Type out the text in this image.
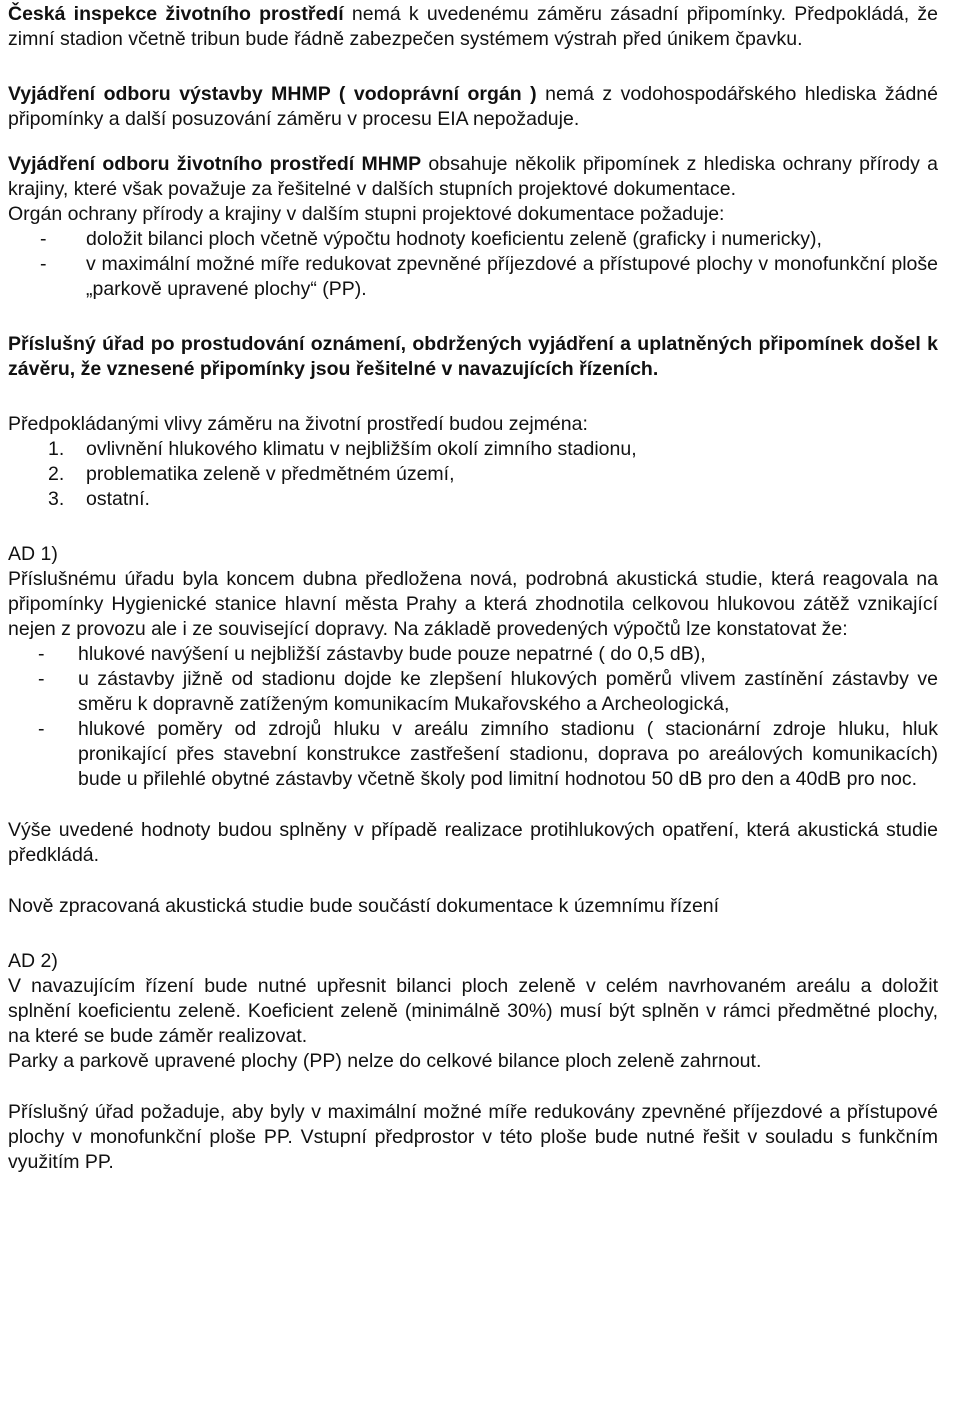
Česká inspekce životního prostředí nemá k uvedenému záměru zásadní připomínky. Předpokládá, že zimní stadion včetně tribun bude řádně zabezpečen systémem výstrah před únikem čpavku.

Vyjádření odboru výstavby MHMP ( vodoprávní orgán ) nemá z vodohospodářského hlediska žádné připomínky a další posuzování záměru v procesu EIA nepožaduje.

Vyjádření odboru životního prostředí MHMP obsahuje několik připomínek z hlediska ochrany přírody a krajiny, které však považuje za řešitelné v dalších stupních projektové dokumentace.

Orgán ochrany přírody a krajiny v dalším stupni projektové dokumentace požaduje:

- doložit bilanci ploch včetně výpočtu hodnoty koeficientu zeleně (graficky i numericky),
- v maximální možné míře redukovat zpevněné příjezdové a přístupové plochy v monofunkční ploše „parkově upravené plochy“ (PP).

Příslušný úřad po prostudování oznámení, obdržených vyjádření a uplatněných připomínek došel k závěru, že vznesené připomínky jsou řešitelné v navazujících řízeních.

Předpokládanými vlivy záměru na životní prostředí budou zejména:

1. ovlivnění hlukového klimatu v nejbližším okolí zimního stadionu,
2. problematika zeleně v předmětném území,
3. ostatní.

AD 1)

Příslušnému úřadu byla koncem dubna předložena nová, podrobná akustická studie, která reagovala na připomínky Hygienické stanice hlavní města Prahy a která zhodnotila celkovou hlukovou zátěž vznikající nejen z provozu ale i ze související dopravy. Na základě provedených výpočtů lze konstatovat že:

- hlukové navýšení u nejbližší zástavby bude pouze nepatrné ( do 0,5 dB),
- u zástavby jižně od stadionu dojde ke zlepšení hlukových poměrů vlivem zastínění zástavby ve směru k dopravně zatíženým komunikacím Mukařovského a Archeologická,
- hlukové poměry od zdrojů hluku v areálu zimního stadionu ( stacionární zdroje hluku, hluk pronikající přes stavební konstrukce zastřešení stadionu, doprava po areálových komunikacích) bude u přilehlé obytné zástavby včetně školy pod limitní hodnotou 50 dB pro den a 40dB pro noc.

Výše uvedené hodnoty budou splněny v případě realizace protihlukových opatření, která akustická studie předkládá.

Nově zpracovaná akustická studie bude součástí dokumentace k územnímu řízení

AD 2)

V navazujícím řízení bude nutné upřesnit bilanci ploch zeleně v celém navrhovaném areálu a doložit splnění koeficientu zeleně. Koeficient zeleně (minimálně 30%) musí být splněn v rámci předmětné plochy, na které se bude záměr realizovat.

Parky a parkově upravené plochy (PP) nelze do celkové bilance ploch zeleně zahrnout.

Příslušný úřad požaduje, aby byly v maximální možné míře redukovány zpevněné příjezdové a přístupové plochy v monofunkční ploše PP. Vstupní předprostor v této ploše bude nutné řešit v souladu s funkčním využitím PP.
